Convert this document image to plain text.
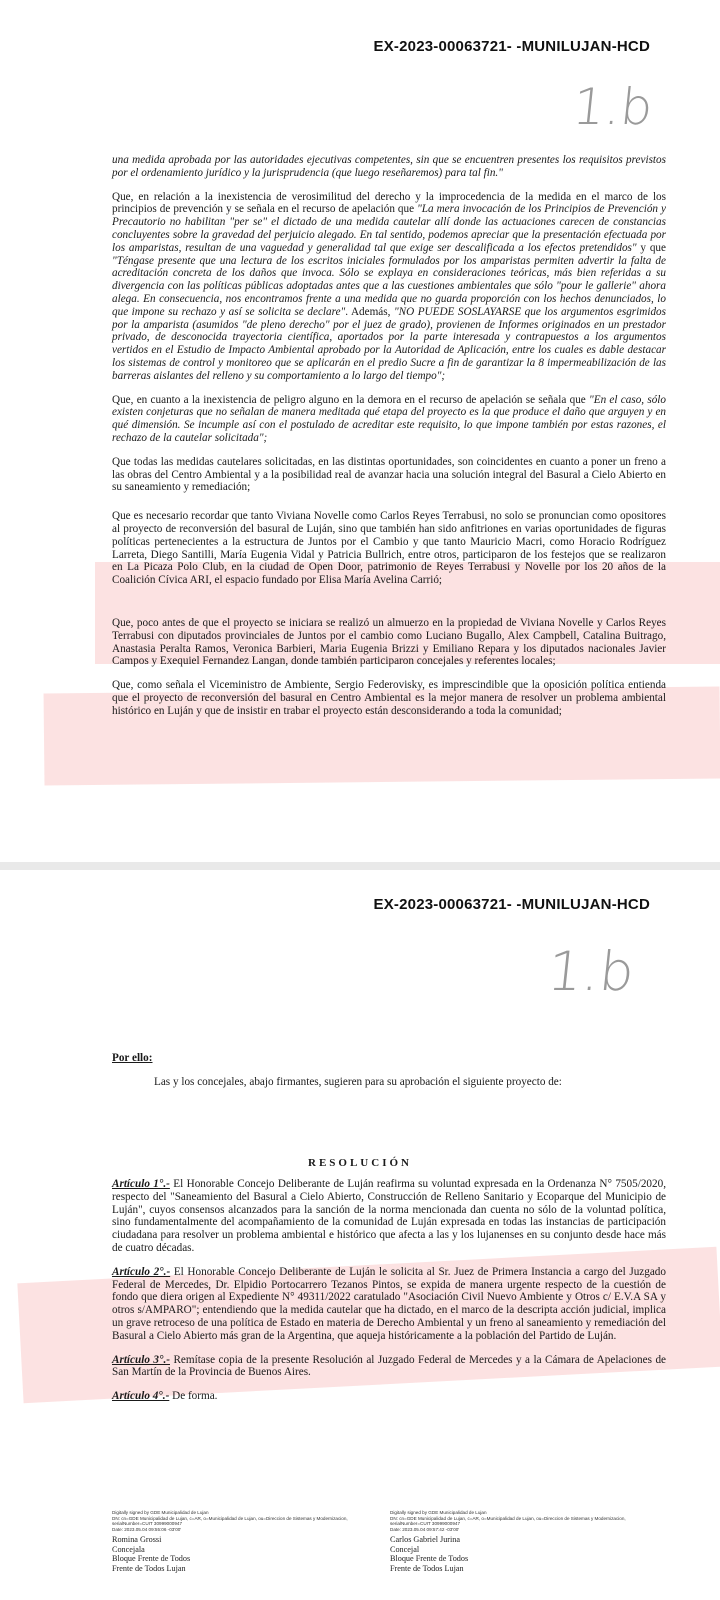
EX-2023-00063721- -MUNILUJAN-HCD
1.b

una medida aprobada por las autoridades ejecutivas competentes, sin que se encuentren presentes los requisitos previstos por el ordenamiento jurídico y la jurisprudencia (que luego reseñaremos) para tal fin."

Que, en relación a la inexistencia de verosimilitud del derecho y la improcedencia de la medida en el marco de los principios de prevención y se señala en el recurso de apelación que "La mera invocación de los Principios de Prevención y Precautorio no habilitan "per se" el dictado de una medida cautelar allí donde las actuaciones carecen de constancias concluyentes sobre la gravedad del perjuicio alegado. En tal sentido, podemos apreciar que la presentación efectuada por los amparistas, resultan de una vaguedad y generalidad tal que exige ser descalificada a los efectos pretendidos" y que "Téngase presente que una lectura de los escritos iniciales formulados por los amparistas permiten advertir la falta de acreditación concreta de los daños que invoca. Sólo se explaya en consideraciones teóricas, más bien referidas a su divergencia con las políticas públicas adoptadas antes que a las cuestiones ambientales que sólo "pour le gallerie" ahora alega. En consecuencia, nos encontramos frente a una medida que no guarda proporción con los hechos denunciados, lo que impone su rechazo y así se solicita se declare". Además, "NO PUEDE SOSLAYARSE que los argumentos esgrimidos por la amparista (asumidos "de pleno derecho" por el juez de grado), provienen de Informes originados en un prestador privado, de desconocida trayectoria científica, aportados por la parte interesada y contrapuestos a los argumentos vertidos en el Estudio de Impacto Ambiental aprobado por la Autoridad de Aplicación, entre los cuales es dable destacar los sistemas de control y monitoreo que se aplicarán en el predio Sucre a fin de garantizar la 8 impermeabilización de las barreras aislantes del relleno y su comportamiento a lo largo del tiempo";

Que, en cuanto a la inexistencia de peligro alguno en la demora en el recurso de apelación se señala que "En el caso, sólo existen conjeturas que no señalan de manera meditada qué etapa del proyecto es la que produce el daño que arguyen y en qué dimensión. Se incumple así con el postulado de acreditar este requisito, lo que impone también por estas razones, el rechazo de la cautelar solicitada";

Que todas las medidas cautelares solicitadas, en las distintas oportunidades, son coincidentes en cuanto a poner un freno a las obras del Centro Ambiental y a la posibilidad real de avanzar hacia una solución integral del Basural a Cielo Abierto en su saneamiento y remediación;

Que es necesario recordar que tanto Viviana Novelle como Carlos Reyes Terrabusi, no solo se pronuncian como opositores al proyecto de reconversión del basural de Luján, sino que también han sido anfitriones en varias oportunidades de figuras políticas pertenecientes a la estructura de Juntos por el Cambio y que tanto Mauricio Macri, como Horacio Rodríguez Larreta, Diego Santilli, María Eugenia Vidal y Patricia Bullrich, entre otros, participaron de los festejos que se realizaron en La Picaza Polo Club, en la ciudad de Open Door, patrimonio de Reyes Terrabusi y Novelle por los 20 años de la Coalición Cívica ARI, el espacio fundado por Elisa María Avelina Carrió;

Que, poco antes de que el proyecto se iniciara se realizó un almuerzo en la propiedad de Viviana Novelle y Carlos Reyes Terrabusi con diputados provinciales de Juntos por el cambio como Luciano Bugallo, Alex Campbell, Catalina Buitrago, Anastasia Peralta Ramos, Veronica Barbieri, Maria Eugenia Brizzi y Emiliano Repara y los diputados nacionales Javier Campos y Exequiel Fernandez Langan, donde también participaron concejales y referentes locales;

Que, como señala el Viceministro de Ambiente, Sergio Federovisky, es imprescindible que la oposición política entienda que el proyecto de reconversión del basural en Centro Ambiental es la mejor manera de resolver un problema ambiental histórico en Luján y que de insistir en trabar el proyecto están desconsiderando a toda la comunidad;

EX-2023-00063721- -MUNILUJAN-HCD
1.b
Por ello:
Las y los concejales, abajo firmantes, sugieren para su aprobación el siguiente proyecto de:
RESOLUCIÓN

Artículo 1°.- El Honorable Concejo Deliberante de Luján reafirma su voluntad expresada en la Ordenanza N° 7505/2020, respecto del "Saneamiento del Basural a Cielo Abierto, Construcción de Relleno Sanitario y Ecoparque del Municipio de Luján", cuyos consensos alcanzados para la sanción de la norma mencionada dan cuenta no sólo de la voluntad política, sino fundamentalmente del acompañamiento de la comunidad de Luján expresada en todas las instancias de participación ciudadana para resolver un problema ambiental e histórico que afecta a las y los lujanenses en su conjunto desde hace más de cuatro décadas.

Artículo 2°.- El Honorable Concejo Deliberante de Luján le solicita al Sr. Juez de Primera Instancia a cargo del Juzgado Federal de Mercedes, Dr. Elpidio Portocarrero Tezanos Pintos, se expida de manera urgente respecto de la cuestión de fondo que diera origen al Expediente N° 49311/2022 caratulado "Asociación Civil Nuevo Ambiente y Otros c/ E.V.A SA y otros s/AMPARO"; entendiendo que la medida cautelar que ha dictado, en el marco de la descripta acción judicial, implica un grave retroceso de una política de Estado en materia de Derecho Ambiental y un freno al saneamiento y remediación del Basural a Cielo Abierto más gran de la Argentina, que aqueja históricamente a la población del Partido de Luján.

Artículo 3°.- Remítase copia de la presente Resolución al Juzgado Federal de Mercedes y a la Cámara de Apelaciones de San Martín de la Provincia de Buenos Aires.

Artículo 4°.- De forma.

Digitally signed by GDE Municipalidad de Lujan
DN: cn=GDE Municipalidad de Lujan, c=AR, o=Municipalidad de Lujan, ou=Direccion de Sistemas y Modernizacion, serialNumber=CUIT 30999000947
Date: 2023.05.04 09:55:06 -03'00'
Romina Grossi
Concejala
Bloque Frente de Todos
Frente de Todos Lujan
Digitally signed by GDE Municipalidad de Lujan
DN: cn=GDE Municipalidad de Lujan, c=AR, o=Municipalidad de Lujan, ou=Direccion de Sistemas y Modernizacion, serialNumber=CUIT 30999000947
Date: 2023.05.04 09:57:42 -03'00'
Carlos Gabriel Jurina
Concejal
Bloque Frente de Todos
Frente de Todos Lujan
